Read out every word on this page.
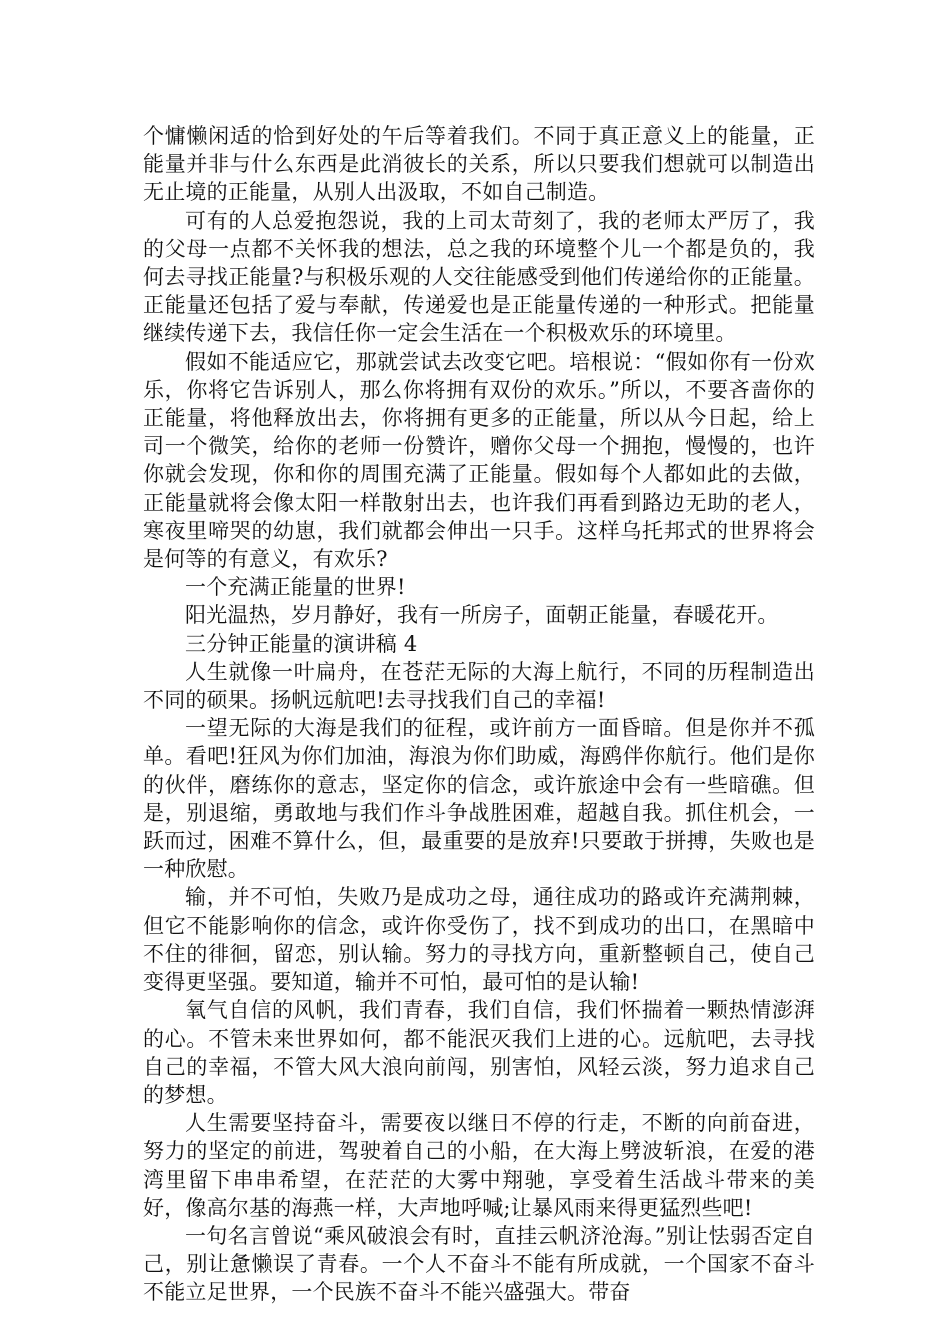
个慵懒闲适的恰到好处的午后等着我们。不同于真正意义上的能量，正能量并非与什么东西是此消彼长的关系，所以只要我们想就可以制造出无止境的正能量，从别人出汲取，不如自己制造。

可有的人总爱抱怨说，我的上司太苛刻了，我的老师太严厉了，我的父母一点都不关怀我的想法，总之我的环境整个儿一个都是负的，我何去寻找正能量?与积极乐观的人交往能感受到他们传递给你的正能量。正能量还包括了爱与奉献，传递爱也是正能量传递的一种形式。把能量继续传递下去，我信任你一定会生活在一个积极欢乐的环境里。

假如不能适应它，那就尝试去改变它吧。培根说：“假如你有一份欢乐，你将它告诉别人，那么你将拥有双份的欢乐。”所以，不要吝啬你的正能量，将他释放出去，你将拥有更多的正能量，所以从今日起，给上司一个微笑，给你的老师一份赞许，赠你父母一个拥抱，慢慢的，也许你就会发现，你和你的周围充满了正能量。假如每个人都如此的去做，正能量就将会像太阳一样散射出去，也许我们再看到路边无助的老人，寒夜里啼哭的幼崽，我们就都会伸出一只手。这样乌托邦式的世界将会是何等的有意义，有欢乐?

一个充满正能量的世界!

阳光温热，岁月静好，我有一所房子，面朝正能量，春暖花开。

三分钟正能量的演讲稿 4

人生就像一叶扁舟，在苍茫无际的大海上航行，不同的历程制造出不同的硕果。扬帆远航吧!去寻找我们自己的幸福!

一望无际的大海是我们的征程，或许前方一面昏暗。但是你并不孤单。看吧!狂风为你们加油，海浪为你们助威，海鸥伴你航行。他们是你的伙伴，磨练你的意志，坚定你的信念，或许旅途中会有一些暗礁。但是，别退缩，勇敢地与我们作斗争战胜困难，超越自我。抓住机会，一跃而过，困难不算什么，但，最重要的是放弃!只要敢于拼搏，失败也是一种欣慰。

输，并不可怕，失败乃是成功之母，通往成功的路或许充满荆棘，但它不能影响你的信念，或许你受伤了，找不到成功的出口，在黑暗中不住的徘徊，留恋，别认输。努力的寻找方向，重新整顿自己，使自己变得更坚强。要知道，输并不可怕，最可怕的是认输!

氧气自信的风帆，我们青春，我们自信，我们怀揣着一颗热情澎湃的心。不管未来世界如何，都不能泯灭我们上进的心。远航吧，去寻找自己的幸福，不管大风大浪向前闯，别害怕，风轻云淡，努力追求自己的梦想。

人生需要坚持奋斗，需要夜以继日不停的行走，不断的向前奋进，努力的坚定的前进，驾驶着自己的小船，在大海上劈波斩浪，在爱的港湾里留下串串希望，在茫茫的大雾中翔驰，享受着生活战斗带来的美好，像高尔基的海燕一样，大声地呼喊;让暴风雨来得更猛烈些吧!

一句名言曾说“乘风破浪会有时，直挂云帆济沧海。”别让怯弱否定自己，别让惫懒误了青春。一个人不奋斗不能有所成就，一个国家不奋斗不能立足世界，一个民族不奋斗不能兴盛强大。带奋
